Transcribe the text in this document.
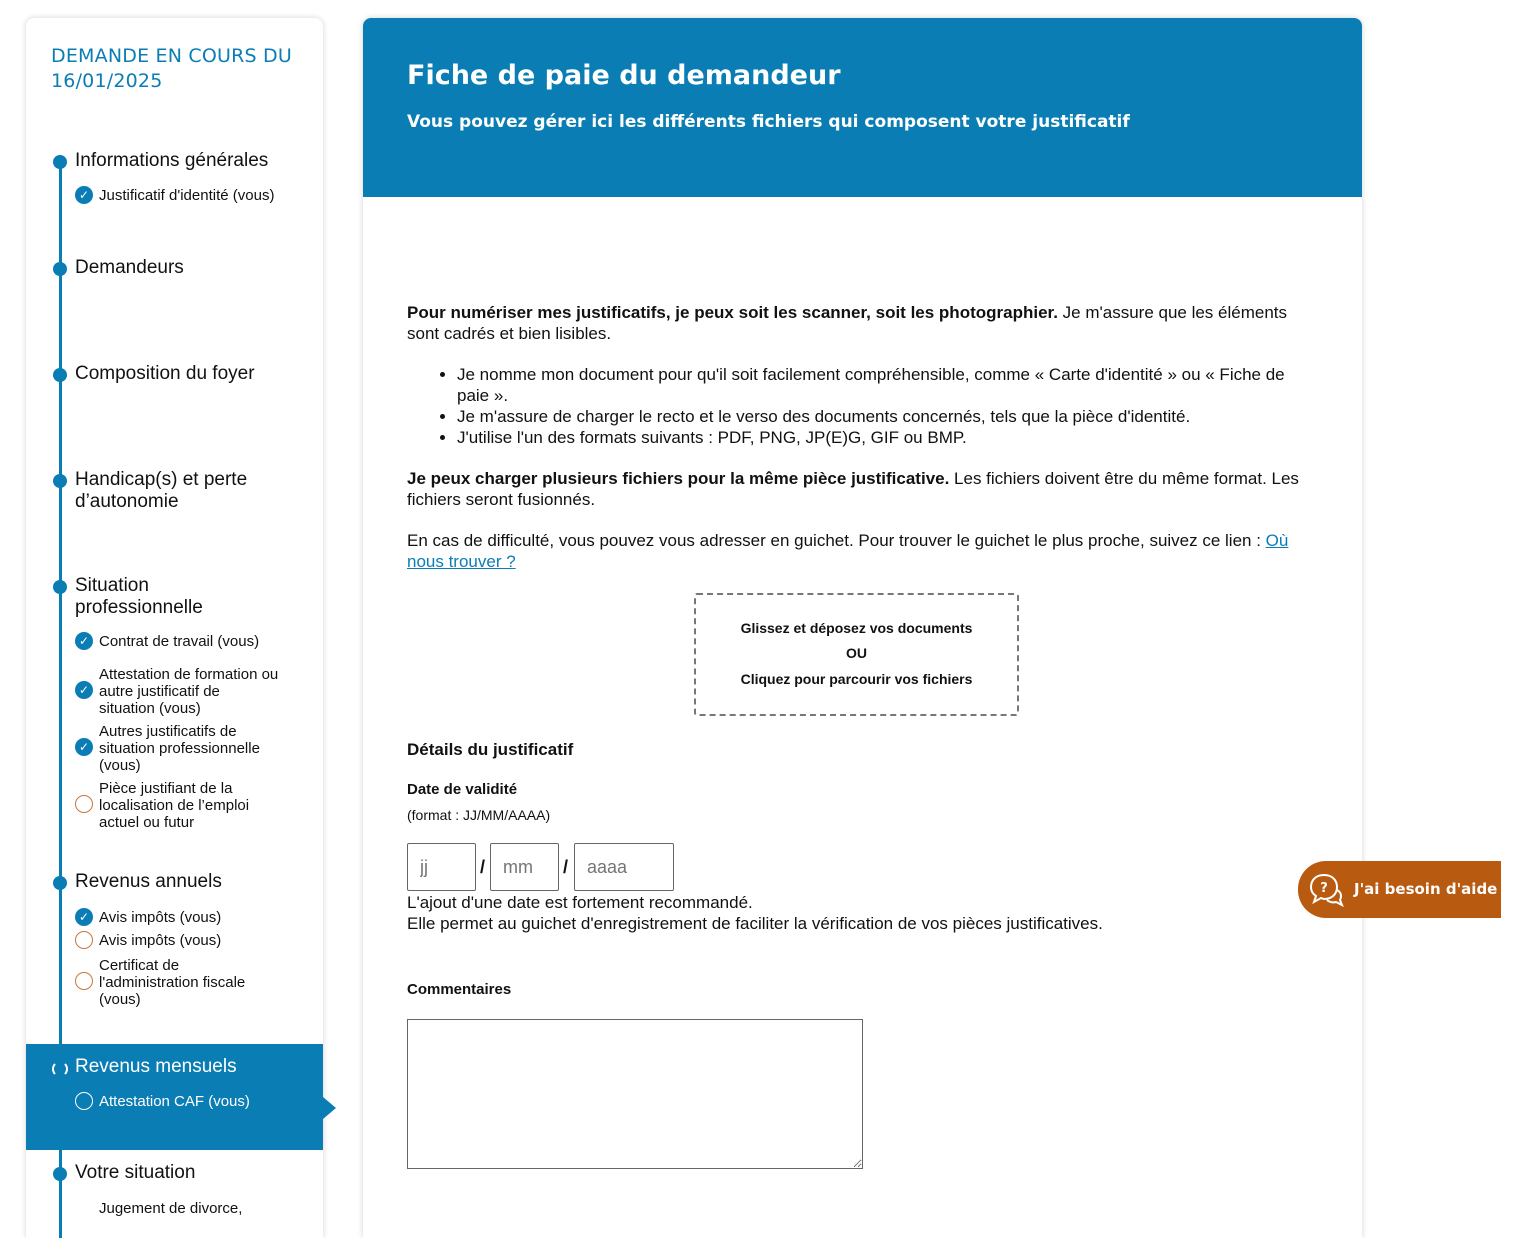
DEMANDE EN COURS DU
16/01/2025
Informations générales
✓ Justificatif d'identité (vous)
Demandeurs
Composition du foyer
Handicap(s) et perte
d’autonomie
Situation
professionnelle
✓ Contrat de travail (vous)
✓
Attestation de formation ou autre justificatif de situation (vous)
✓
Autres justificatifs de situation professionnelle (vous)
Pièce justifiant de la localisation de l’emploi actuel ou futur
Revenus annuels
✓ Avis impôts (vous)
Avis impôts (vous)
Certificat de l'administration fiscale (vous)
Revenus mensuels
Attestation CAF (vous)
Votre situation
Jugement de divorce,
Fiche de paie du demandeur
Vous pouvez gérer ici les différents fichiers qui composent votre justificatif

Pour numériser mes justificatifs, je peux soit les scanner, soit les photographier. Je m'assure que les éléments sont cadrés et bien lisibles.

• Je nomme mon document pour qu'il soit facilement compréhensible, comme « Carte d'identité » ou « Fiche de paie ».
• Je m'assure de charger le recto et le verso des documents concernés, tels que la pièce d'identité.
• J'utilise l'un des formats suivants : PDF, PNG, JP(E)G, GIF ou BMP.

Je peux charger plusieurs fichiers pour la même pièce justificative. Les fichiers doivent être du même format. Les fichiers seront fusionnés.

En cas de difficulté, vous pouvez vous adresser en guichet. Pour trouver le guichet le plus proche, suivez ce lien : Où nous trouver ?

Glissez et déposez vos documents
OU
Cliquez pour parcourir vos fichiers
Détails du justificatif
Date de validité
(format : JJ/MM/AAAA)
jj
/
mm	/
aaaa
L'ajout d'une date est fortement recommandé.
Elle permet au guichet d'enregistrement de faciliter la vérification de vos pièces justificatives.
Commentaires
? J'ai besoin d'aide
